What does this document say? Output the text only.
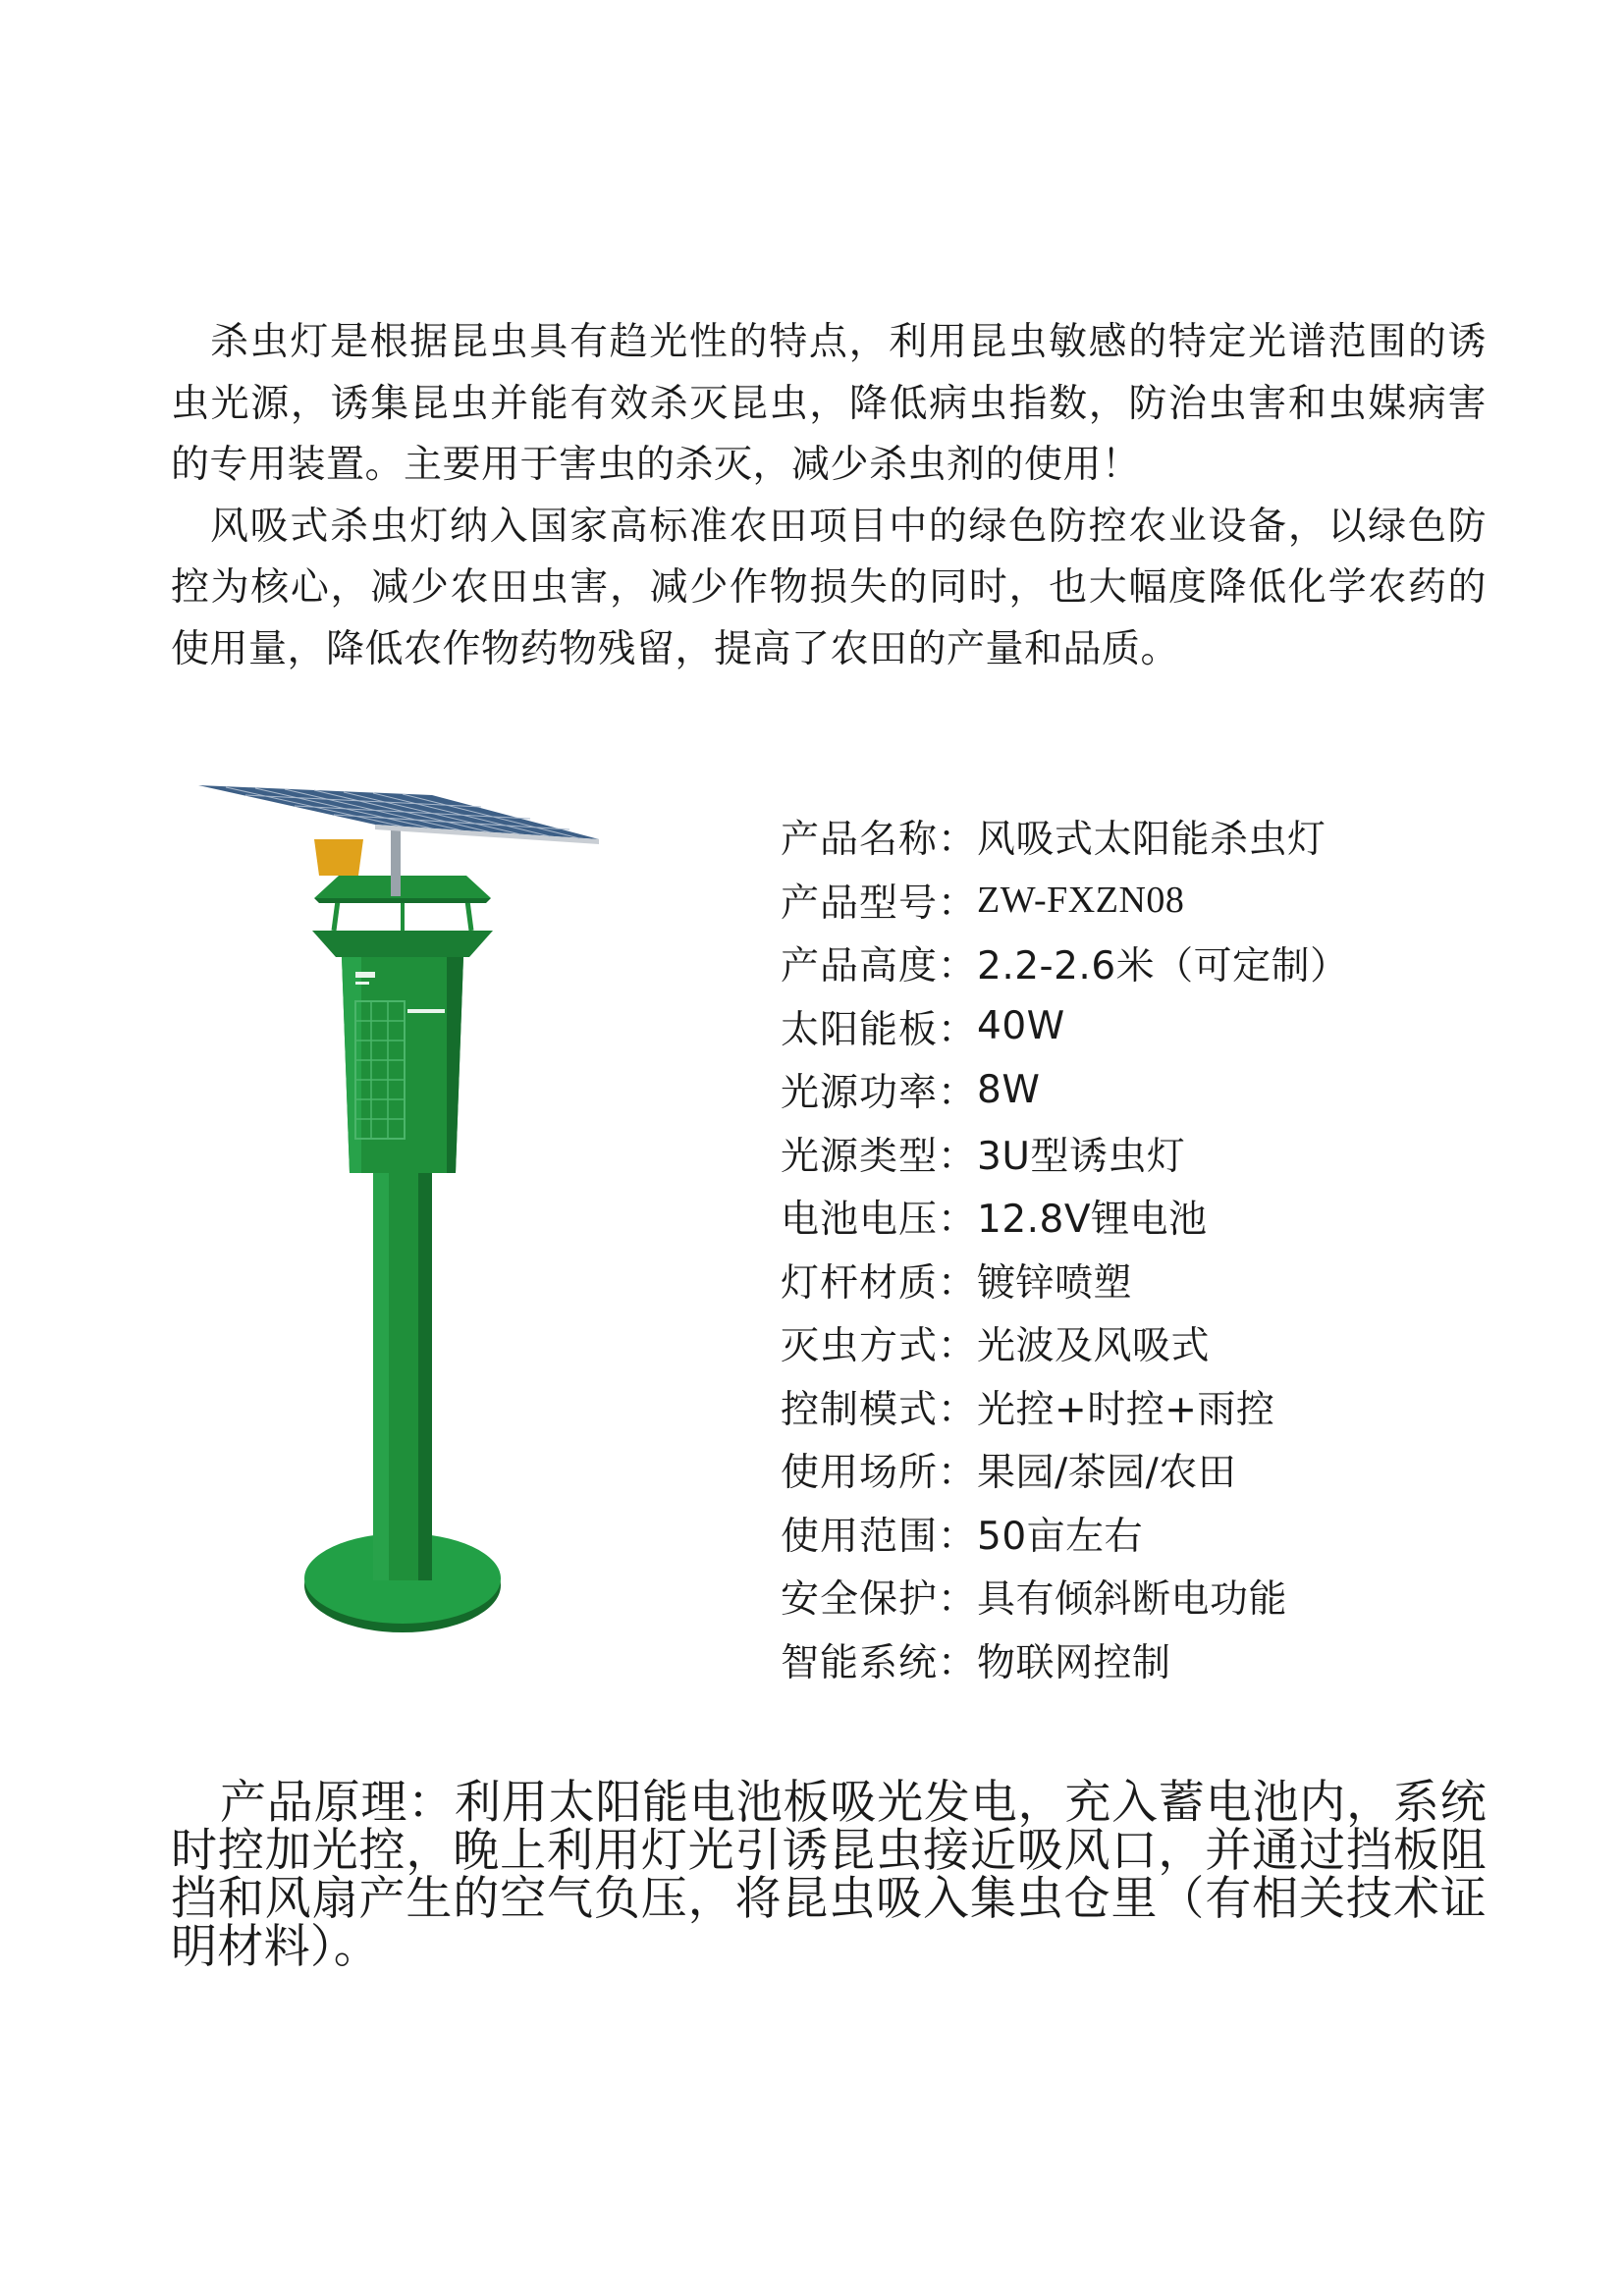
杀虫灯是根据昆虫具有趋光性的特点，利用昆虫敏感的特定光谱范围的诱虫光源，诱集昆虫并能有效杀灭昆虫，降低病虫指数，防治虫害和虫媒病害的专用装置。主要用于害虫的杀灭，减少杀虫剂的使用！

风吸式杀虫灯纳入国家高标准农田项目中的绿色防控农业设备，以绿色防控为核心，减少农田虫害，减少作物损失的同时，也大幅度降低化学农药的使用量，降低农作物药物残留，提高了农田的产量和品质。

产品名称： 风吸式太阳能杀虫灯
产品型号： ZW-FXZN08
产品高度： 2.2-2.6米（可定制）
太阳能板： 40W
光源功率： 8W
光源类型： 3U型诱虫灯
电池电压： 12.8V锂电池
灯杆材质： 镀锌喷塑
灭虫方式： 光波及风吸式
控制模式： 光控+时控+雨控
使用场所： 果园/茶园/农田
使用范围： 50亩左右
安全保护： 具有倾斜断电功能
智能系统： 物联网控制

产品原理：利用太阳能电池板吸光发电，充入蓄电池内，系统时控加光控，晚上利用灯光引诱昆虫接近吸风口，并通过挡板阻挡和风扇产生的空气负压，将昆虫吸入集虫仓里（有相关技术证明材料）。
